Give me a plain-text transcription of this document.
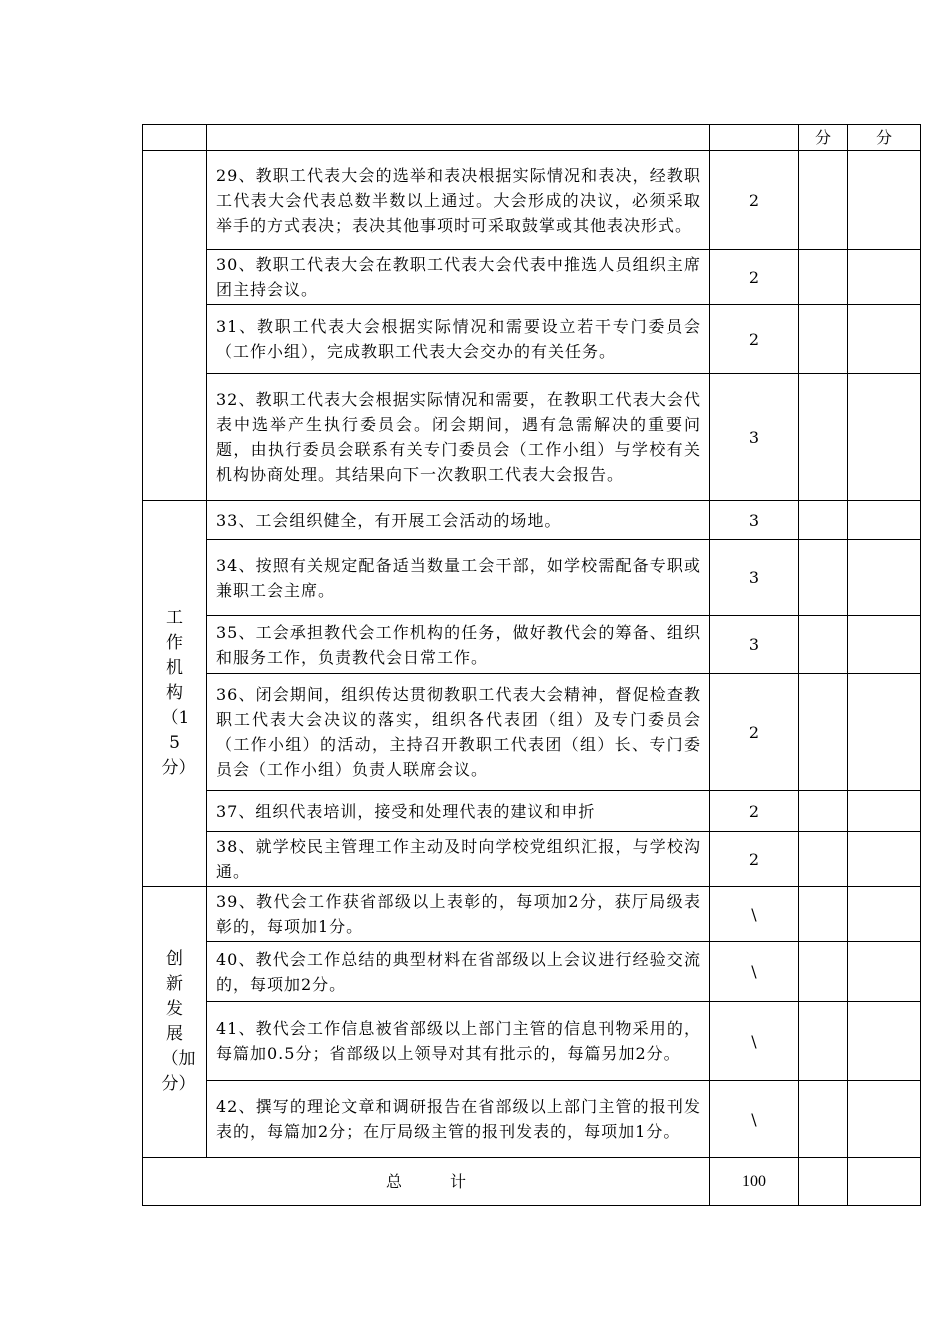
			分	分
	29、教职工代表大会的选举和表决根据实际情况和表决，经教职工代表大会代表总数半数以上通过。大会形成的决议，必须采取举手的方式表决；表决其他事项时可采取鼓掌或其他表决形式。	2		
	30、教职工代表大会在教职工代表大会代表中推选人员组织主席团主持会议。	2		
	31、教职工代表大会根据实际情况和需要设立若干专门委员会（工作小组），完成教职工代表大会交办的有关任务。	2		
	32、教职工代表大会根据实际情况和需要，在教职工代表大会代表中选举产生执行委员会。闭会期间，遇有急需解决的重要问题，由执行委员会联系有关专门委员会（工作小组）与学校有关机构协商处理。其结果向下一次教职工代表大会报告。	3		
工作机构（15分）	33、工会组织健全，有开展工会活动的场地。	3		
	34、按照有关规定配备适当数量工会干部，如学校需配备专职或兼职工会主席。	3		
	35、工会承担教代会工作机构的任务，做好教代会的筹备、组织和服务工作，负责教代会日常工作。	3		
	36、闭会期间，组织传达贯彻教职工代表大会精神，督促检查教职工代表大会决议的落实，组织各代表团（组）及专门委员会（工作小组）的活动，主持召开教职工代表团（组）长、专门委员会（工作小组）负责人联席会议。	2		
	37、组织代表培训，接受和处理代表的建议和申折	2		
	38、就学校民主管理工作主动及时向学校党组织汇报，与学校沟通。	2		
创新发展（加分）	39、教代会工作获省部级以上表彰的，每项加2分，获厅局级表彰的，每项加1分。	\		
	40、教代会工作总结的典型材料在省部级以上会议进行经验交流的，每项加2分。	\		
	41、教代会工作信息被省部级以上部门主管的信息刊物采用的，每篇加0.5分；省部级以上领导对其有批示的，每篇另加2分。	\		
	42、撰写的理论文章和调研报告在省部级以上部门主管的报刊发表的，每篇加2分；在厅局级主管的报刊发表的，每项加1分。	\		
总 计		100		
